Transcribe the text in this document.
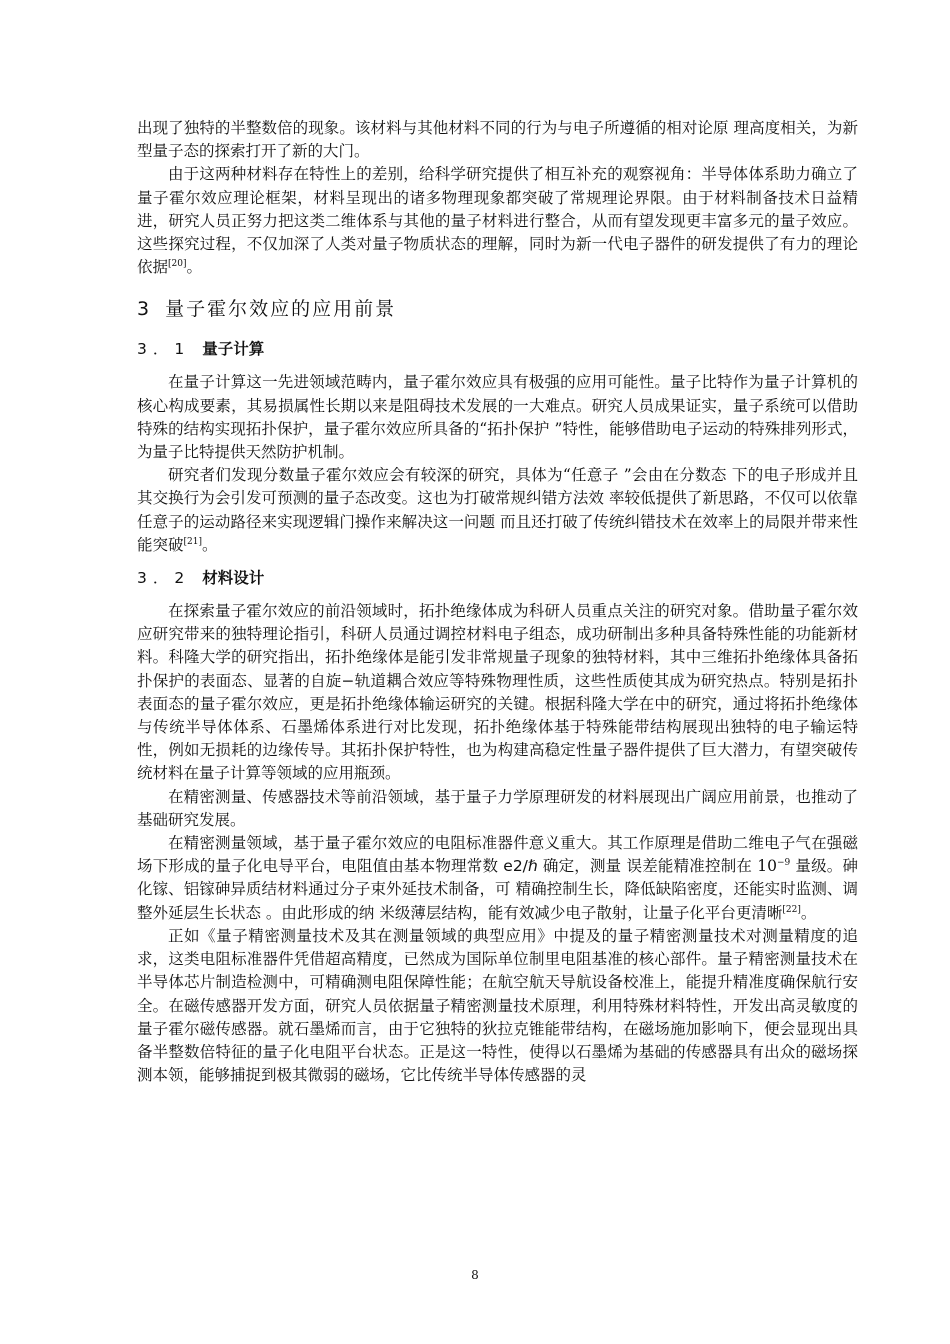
出现了独特的半整数倍的现象。该材料与其他材料不同的行为与电子所遵循的相对论原 理高度相关，为新型量子态的探索打开了新的大门。

由于这两种材料存在特性上的差别，给科学研究提供了相互补充的观察视角：半导体体系助力确立了量子霍尔效应理论框架，材料呈现出的诸多物理现象都突破了常规理论界限。由于材料制备技术日益精进，研究人员正努力把这类二维体系与其他的量子材料进行整合，从而有望发现更丰富多元的量子效应。这些探究过程，不仅加深了人类对量子物质状态的理解，同时为新一代电子器件的研发提供了有力的理论依据[20]。

3 量子霍尔效应的应用前景
3．1 量子计算

在量子计算这一先进领域范畴内，量子霍尔效应具有极强的应用可能性。量子比特作为量子计算机的核心构成要素，其易损属性长期以来是阻碍技术发展的一大难点。研究人员成果证实，量子系统可以借助特殊的结构实现拓扑保护，量子霍尔效应所具备的“拓扑保护 ”特性，能够借助电子运动的特殊排列形式，为量子比特提供天然防护机制。

研究者们发现分数量子霍尔效应会有较深的研究，具体为“任意子 ”会由在分数态 下的电子形成并且其交换行为会引发可预测的量子态改变。这也为打破常规纠错方法效 率较低提供了新思路，不仅可以依靠任意子的运动路径来实现逻辑门操作来解决这一问题 而且还打破了传统纠错技术在效率上的局限并带来性能突破[21]。

3．2 材料设计

在探索量子霍尔效应的前沿领域时，拓扑绝缘体成为科研人员重点关注的研究对象。借助量子霍尔效应研究带来的独特理论指引，科研人员通过调控材料电子组态，成功研制出多种具备特殊性能的功能新材料。科隆大学的研究指出，拓扑绝缘体是能引发非常规量子现象的独特材料，其中三维拓扑绝缘体具备拓扑保护的表面态、显著的自旋−轨道耦合效应等特殊物理性质，这些性质使其成为研究热点。特别是拓扑表面态的量子霍尔效应，更是拓扑绝缘体输运研究的关键。根据科隆大学在中的研究，通过将拓扑绝缘体与传统半导体体系、石墨烯体系进行对比发现，拓扑绝缘体基于特殊能带结构展现出独特的电子输运特性，例如无损耗的边缘传导。其拓扑保护特性，也为构建高稳定性量子器件提供了巨大潜力，有望突破传统材料在量子计算等领域的应用瓶颈。

在精密测量、传感器技术等前沿领域，基于量子力学原理研发的材料展现出广阔应用前景，也推动了基础研究发展。

在精密测量领域，基于量子霍尔效应的电阻标准器件意义重大。其工作原理是借助二维电子气在强磁场下形成的量子化电导平台，电阻值由基本物理常数 e2/ℏ 确定，测量 误差能精准控制在 $10^{-9}$ 量级。砷化镓、铝镓砷异质结材料通过分子束外延技术制备，可 精确控制生长，降低缺陷密度，还能实时监测、调整外延层生长状态 。由此形成的纳 米级薄层结构，能有效减少电子散射，让量子化平台更清晰[22]。

正如《量子精密测量技术及其在测量领域的典型应用》中提及的量子精密测量技术对测量精度的追求，这类电阻标准器件凭借超高精度，已然成为国际单位制里电阻基准的核心部件。量子精密测量技术在半导体芯片制造检测中，可精确测电阻保障性能；在航空航天导航设备校准上，能提升精准度确保航行安全。在磁传感器开发方面，研究人员依据量子精密测量技术原理，利用特殊材料特性，开发出高灵敏度的量子霍尔磁传感器。就石墨烯而言，由于它独特的狄拉克锥能带结构，在磁场施加影响下，便会显现出具备半整数倍特征的量子化电阻平台状态。正是这一特性，使得以石墨烯为基础的传感器具有出众的磁场探测本领，能够捕捉到极其微弱的磁场，它比传统半导体传感器的灵

8
